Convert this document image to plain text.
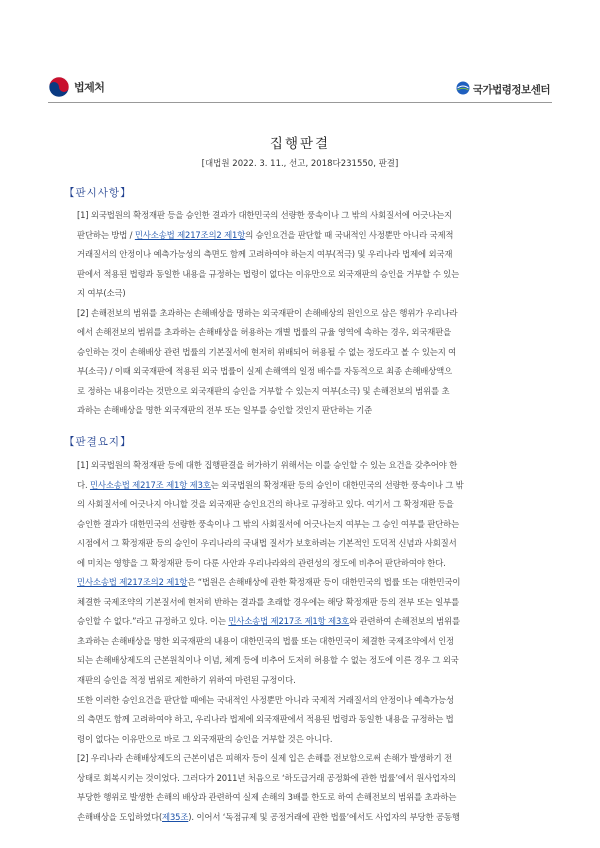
법제처	국가법령정보센터
집행판결
[대법원 2022. 3. 11., 선고, 2018다231550, 판결]
【판시사항】

[1] 외국법원의 확정재판 등을 승인한 결과가 대한민국의 선량한 풍속이나 그 밖의 사회질서에 어긋나는지

판단하는 방법 / 민사소송법 제217조의2 제1항의 승인요건을 판단할 때 국내적인 사정뿐만 아니라 국제적

거래질서의 안정이나 예측가능성의 측면도 함께 고려하여야 하는지 여부(적극) 및 우리나라 법제에 외국재

판에서 적용된 법령과 동일한 내용을 규정하는 법령이 없다는 이유만으로 외국재판의 승인을 거부할 수 있는

지 여부(소극)

[2] 손해전보의 범위를 초과하는 손해배상을 명하는 외국재판이 손해배상의 원인으로 삼은 행위가 우리나라

에서 손해전보의 범위를 초과하는 손해배상을 허용하는 개별 법률의 규율 영역에 속하는 경우, 외국재판을

승인하는 것이 손해배상 관련 법률의 기본질서에 현저히 위배되어 허용될 수 없는 정도라고 볼 수 있는지 여

부(소극) / 이때 외국재판에 적용된 외국 법률이 실제 손해액의 일정 배수를 자동적으로 최종 손해배상액으

로 정하는 내용이라는 것만으로 외국재판의 승인을 거부할 수 있는지 여부(소극) 및 손해전보의 범위를 초

과하는 손해배상을 명한 외국재판의 전부 또는 일부를 승인할 것인지 판단하는 기준

【판결요지】

[1] 외국법원의 확정재판 등에 대한 집행판결을 허가하기 위해서는 이를 승인할 수 있는 요건을 갖추어야 한

다. 민사소송법 제217조 제1항 제3호는 외국법원의 확정재판 등의 승인이 대한민국의 선량한 풍속이나 그 밖

의 사회질서에 어긋나지 아니할 것을 외국재판 승인요건의 하나로 규정하고 있다. 여기서 그 확정재판 등을

승인한 결과가 대한민국의 선량한 풍속이나 그 밖의 사회질서에 어긋나는지 여부는 그 승인 여부를 판단하는

시점에서 그 확정재판 등의 승인이 우리나라의 국내법 질서가 보호하려는 기본적인 도덕적 신념과 사회질서

에 미치는 영향을 그 확정재판 등이 다룬 사안과 우리나라와의 관련성의 정도에 비추어 판단하여야 한다.

민사소송법 제217조의2 제1항은 “법원은 손해배상에 관한 확정재판 등이 대한민국의 법률 또는 대한민국이

체결한 국제조약의 기본질서에 현저히 반하는 결과를 초래할 경우에는 해당 확정재판 등의 전부 또는 일부를

승인할 수 없다.”라고 규정하고 있다. 이는 민사소송법 제217조 제1항 제3호와 관련하여 손해전보의 범위를

초과하는 손해배상을 명한 외국재판의 내용이 대한민국의 법률 또는 대한민국이 체결한 국제조약에서 인정

되는 손해배상제도의 근본원칙이나 이념, 체계 등에 비추어 도저히 허용할 수 없는 정도에 이른 경우 그 외국

재판의 승인을 적정 범위로 제한하기 위하여 마련된 규정이다.

또한 이러한 승인요건을 판단할 때에는 국내적인 사정뿐만 아니라 국제적 거래질서의 안정이나 예측가능성

의 측면도 함께 고려하여야 하고, 우리나라 법제에 외국재판에서 적용된 법령과 동일한 내용을 규정하는 법

령이 없다는 이유만으로 바로 그 외국재판의 승인을 거부할 것은 아니다.

[2] 우리나라 손해배상제도의 근본이념은 피해자 등이 실제 입은 손해를 전보함으로써 손해가 발생하기 전

상태로 회복시키는 것이었다. 그러다가 2011년 처음으로 ‘하도급거래 공정화에 관한 법률’에서 원사업자의

부당한 행위로 발생한 손해의 배상과 관련하여 실제 손해의 3배를 한도로 하여 손해전보의 범위를 초과하는

손해배상을 도입하였다(제35조). 이어서 ‘독점규제 및 공정거래에 관한 법률’에서도 사업자의 부당한 공동행
